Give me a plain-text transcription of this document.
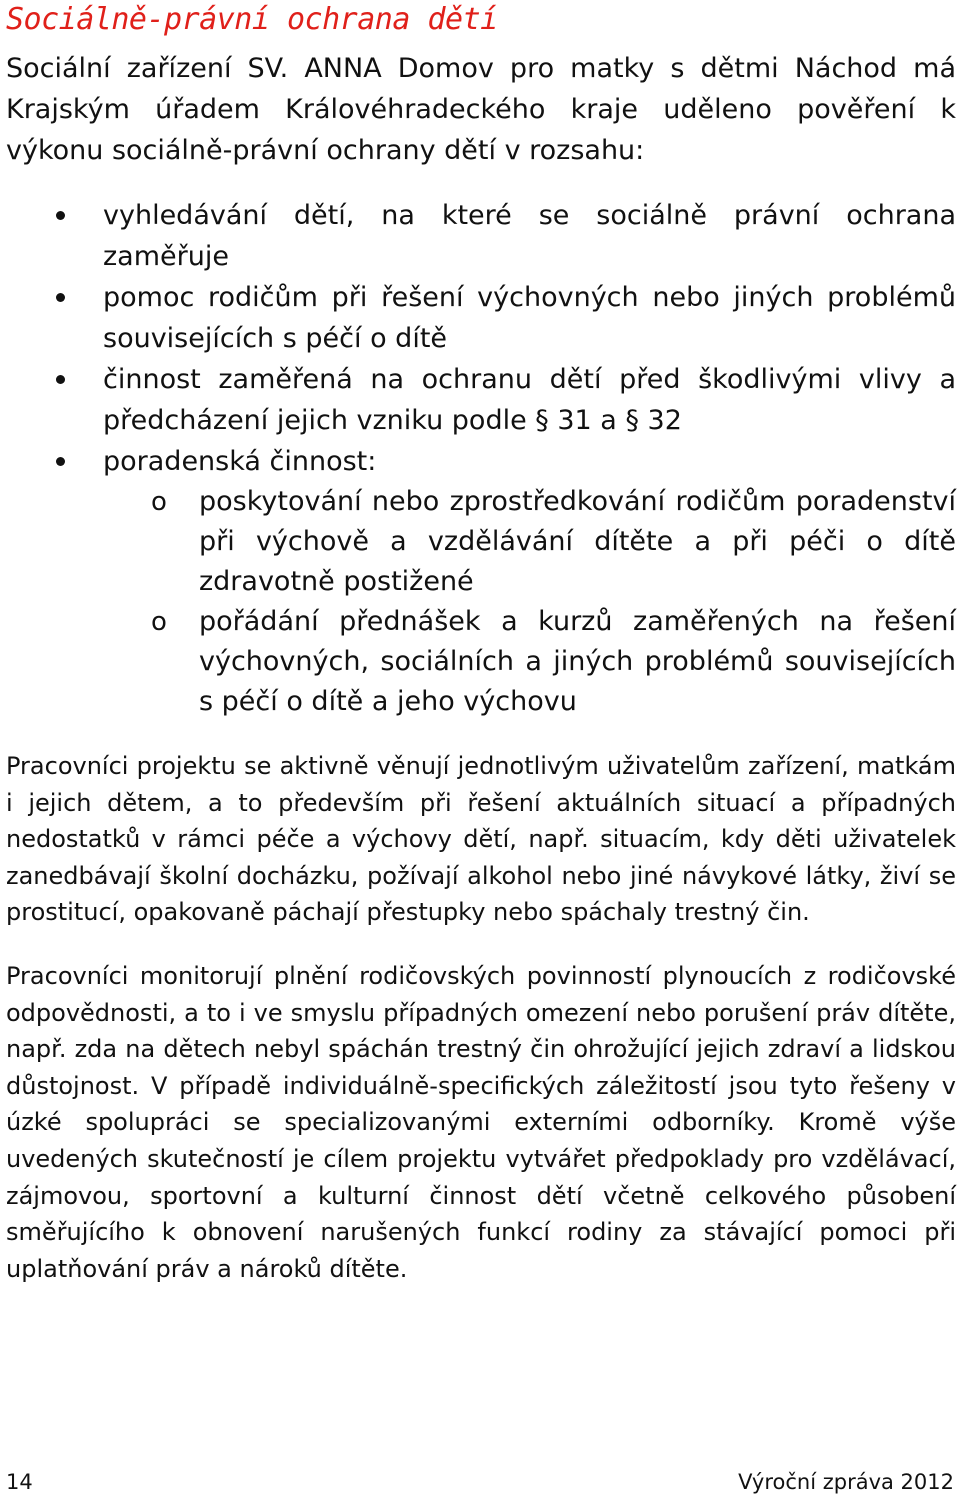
Sociálně-právní ochrana dětí

Sociální zařízení SV. ANNA Domov pro matky s dětmi Náchod má Krajským úřadem Královéhradeckého kraje uděleno pověření k výkonu sociálně-právní ochrany dětí v rozsahu:

vyhledávání dětí, na které se sociálně právní ochrana zaměřuje
pomoc rodičům při řešení výchovných nebo jiných problémů souvisejících s péčí o dítě
činnost zaměřená na ochranu dětí před škodlivými vlivy a předcházení jejich vzniku podle § 31 a § 32
poradenská činnost:
o poskytování nebo zprostředkování rodičům poradenství při výchově a vzdělávání dítěte a při péči o dítě zdravotně postižené
o pořádání přednášek a kurzů zaměřených na řešení výchovných, sociálních a jiných problémů souvisejících s péčí o dítě a jeho výchovu

Pracovníci projektu se aktivně věnují jednotlivým uživatelům zařízení, matkám i jejich dětem, a to především při řešení aktuálních situací a případných nedostatků v rámci péče a výchovy dětí, např. situacím, kdy děti uživatelek zanedbávají školní docházku, požívají alkohol nebo jiné návykové látky, živí se prostitucí, opakovaně páchají přestupky nebo spáchaly trestný čin.

Pracovníci monitorují plnění rodičovských povinností plynoucích z rodičovské odpovědnosti, a to i ve smyslu případných omezení nebo porušení práv dítěte, např. zda na dětech nebyl spáchán trestný čin ohrožující jejich zdraví a lidskou důstojnost. V případě individuálně-specifických záležitostí jsou tyto řešeny v úzké spolupráci se specializovanými externími odborníky. Kromě výše uvedených skutečností je cílem projektu vytvářet předpoklady pro vzdělávací, zájmovou, sportovní a kulturní činnost dětí včetně celkového působení směřujícího k obnovení narušených funkcí rodiny za stávající pomoci při uplatňování práv a nároků dítěte.

14	Výroční zpráva 2012
